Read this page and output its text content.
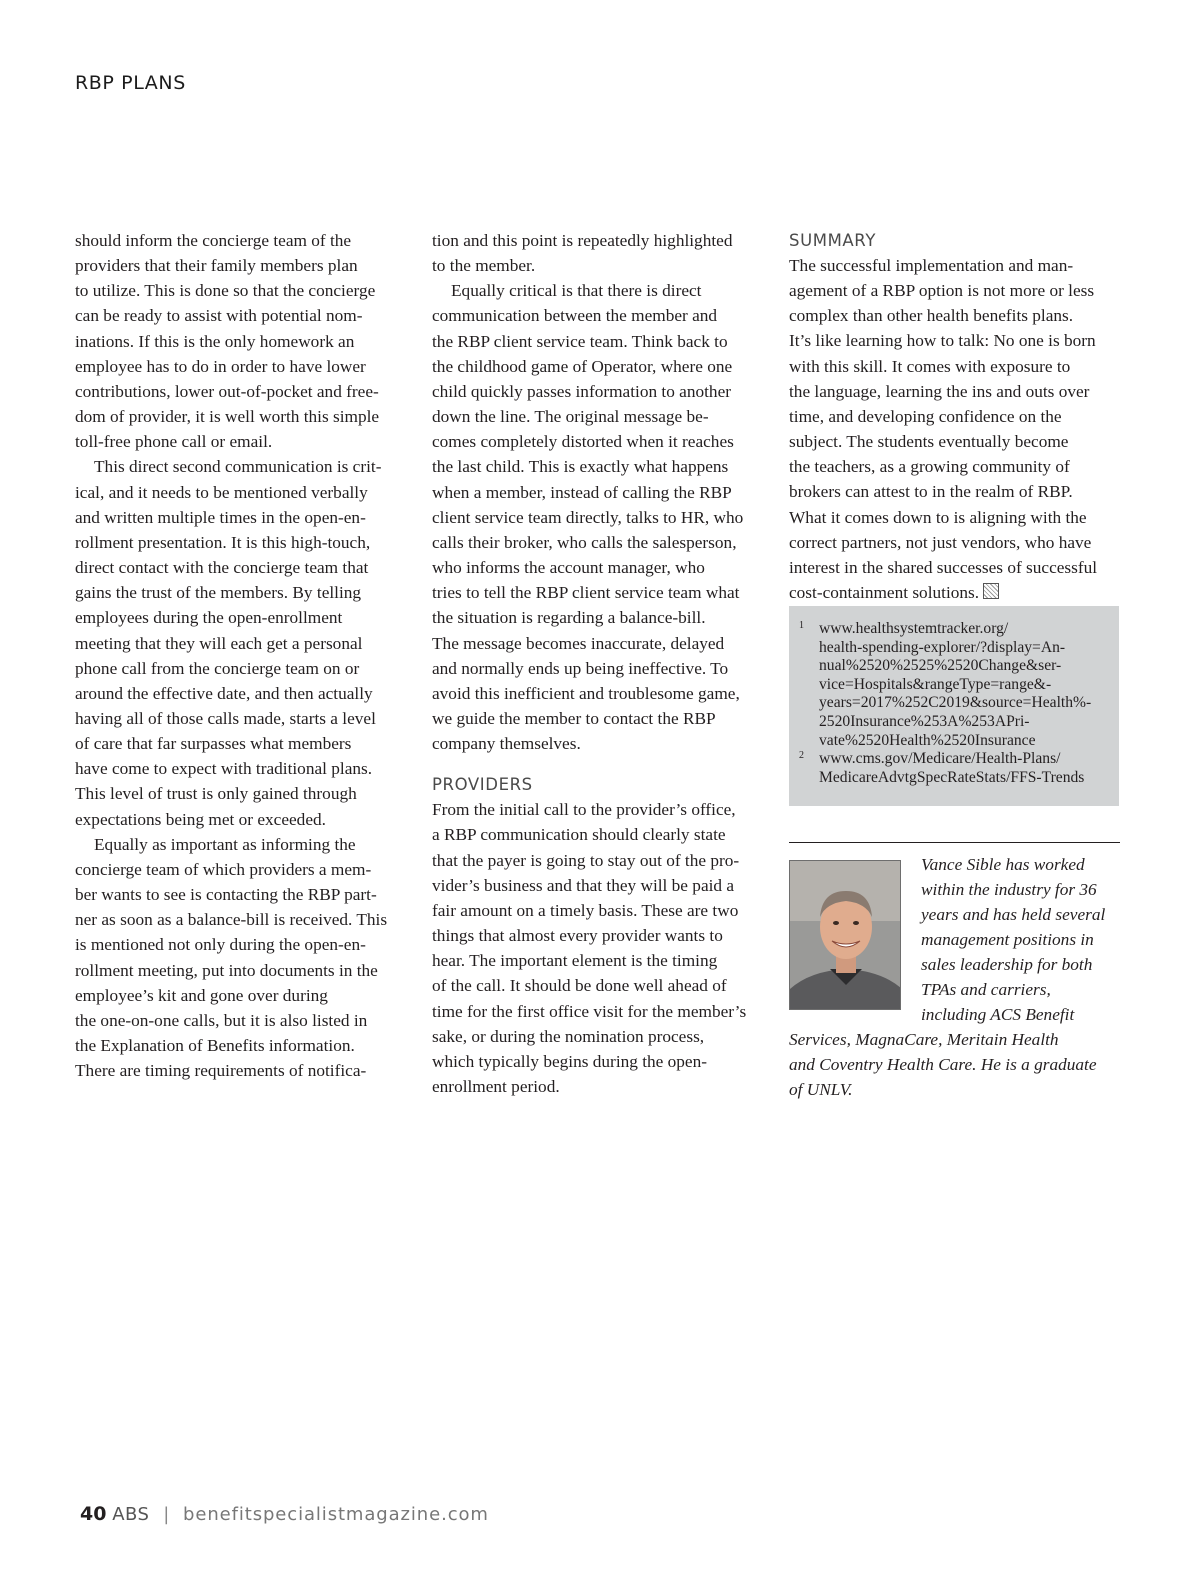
RBP PLANS
should inform the concierge team of the
providers that their family members plan
to utilize. This is done so that the concierge
can be ready to assist with potential nom-
inations. If this is the only homework an
employee has to do in order to have lower
contributions, lower out-of-pocket and free-
dom of provider, it is well worth this simple
toll-free phone call or email.
This direct second communication is crit-
ical, and it needs to be mentioned verbally
and written multiple times in the open-en-
rollment presentation. It is this high-touch,
direct contact with the concierge team that
gains the trust of the members. By telling
employees during the open-enrollment
meeting that they will each get a personal
phone call from the concierge team on or
around the effective date, and then actually
having all of those calls made, starts a level
of care that far surpasses what members
have come to expect with traditional plans.
This level of trust is only gained through
expectations being met or exceeded.
Equally as important as informing the
concierge team of which providers a mem-
ber wants to see is contacting the RBP part-
ner as soon as a balance-bill is received. This
is mentioned not only during the open-en-
rollment meeting, put into documents in the
employee’s kit and gone over during
the one-on-one calls, but it is also listed in
the Explanation of Benefits information.
There are timing requirements of notifica-
tion and this point is repeatedly highlighted
to the member.
Equally critical is that there is direct
communication between the member and
the RBP client service team. Think back to
the childhood game of Operator, where one
child quickly passes information to another
down the line. The original message be-
comes completely distorted when it reaches
the last child. This is exactly what happens
when a member, instead of calling the RBP
client service team directly, talks to HR, who
calls their broker, who calls the salesperson,
who informs the account manager, who
tries to tell the RBP client service team what
the situation is regarding a balance-bill.
The message becomes inaccurate, delayed
and normally ends up being ineffective. To
avoid this inefficient and troublesome game,
we guide the member to contact the RBP
company themselves.
PROVIDERS
From the initial call to the provider’s office,
a RBP communication should clearly state
that the payer is going to stay out of the pro-
vider’s business and that they will be paid a
fair amount on a timely basis. These are two
things that almost every provider wants to
hear. The important element is the timing
of the call. It should be done well ahead of
time for the first office visit for the member’s
sake, or during the nomination process,
which typically begins during the open-
enrollment period.
SUMMARY
The successful implementation and man-
agement of a RBP option is not more or less
complex than other health benefits plans.
It’s like learning how to talk: No one is born
with this skill. It comes with exposure to
the language, learning the ins and outs over
time, and developing confidence on the
subject. The students eventually become
the teachers, as a growing community of
brokers can attest to in the realm of RBP.
What it comes down to is aligning with the
correct partners, not just vendors, who have
interest in the shared successes of successful
cost-containment solutions.
1 www.healthsystemtracker.org/
health-spending-explorer/?display=An-
nual%2520%2525%2520Change&ser-
vice=Hospitals&rangeType=range&-
years=2017%252C2019&source=Health%-
2520Insurance%253A%253APri-
vate%2520Health%2520Insurance
2 www.cms.gov/Medicare/Health-Plans/
MedicareAdvtgSpecRateStats/FFS-Trends
Vance Sible has worked
within the industry for 36
years and has held several
management positions in
sales leadership for both
TPAs and carriers,
including ACS Benefit
Services, MagnaCare, Meritain Health
and Coventry Health Care. He is a graduate
of UNLV.

40 ABS | benefitspecialistmagazine.com
